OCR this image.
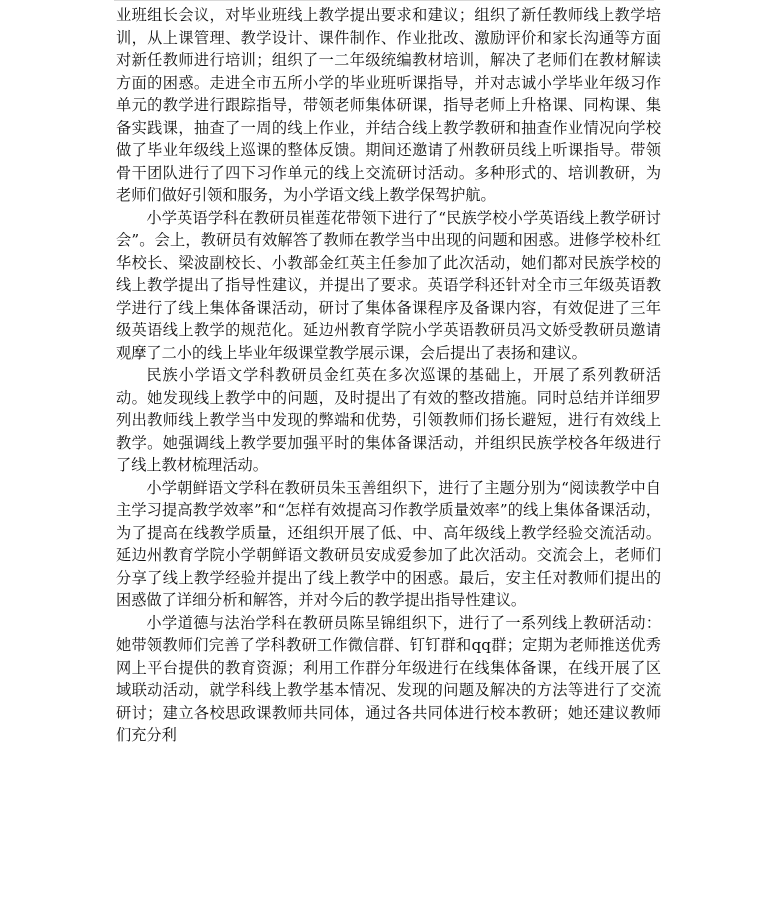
业班组长会议，对毕业班线上教学提出要求和建议；组织了新任教师线上教学培训，从上课管理、教学设计、课件制作、作业批改、激励评价和家长沟通等方面对新任教师进行培训；组织了一二年级统编教材培训，解决了老师们在教材解读方面的困惑。走进全市五所小学的毕业班听课指导，并对志诚小学毕业年级习作单元的教学进行跟踪指导，带领老师集体研课，指导老师上升格课、同构课、集备实践课，抽查了一周的线上作业，并结合线上教学教研和抽查作业情况向学校做了毕业年级线上巡课的整体反馈。期间还邀请了州教研员线上听课指导。带领骨干团队进行了四下习作单元的线上交流研讨活动。多种形式的、培训教研，为老师们做好引领和服务，为小学语文线上教学保驾护航。

小学英语学科在教研员崔莲花带领下进行了“民族学校小学英语线上教学研讨会”。会上，教研员有效解答了教师在教学当中出现的问题和困惑。进修学校朴红华校长、梁波副校长、小教部金红英主任参加了此次活动，她们都对民族学校的线上教学提出了指导性建议，并提出了要求。英语学科还针对全市三年级英语教学进行了线上集体备课活动，研讨了集体备课程序及备课内容，有效促进了三年级英语线上教学的规范化。延边州教育学院小学英语教研员冯文娇受教研员邀请观摩了二小的线上毕业年级课堂教学展示课，会后提出了表扬和建议。

民族小学语文学科教研员金红英在多次巡课的基础上，开展了系列教研活动。她发现线上教学中的问题，及时提出了有效的整改措施。同时总结并详细罗列出教师线上教学当中发现的弊端和优势，引领教师们扬长避短，进行有效线上教学。她强调线上教学要加强平时的集体备课活动，并组织民族学校各年级进行了线上教材梳理活动。

小学朝鲜语文学科在教研员朱玉善组织下，进行了主题分别为“阅读教学中自主学习提高教学效率”和“怎样有效提高习作教学质量效率”的线上集体备课活动，为了提高在线教学质量，还组织开展了低、中、高年级线上教学经验交流活动。延边州教育学院小学朝鲜语文教研员安成爱参加了此次活动。交流会上，老师们分享了线上教学经验并提出了线上教学中的困惑。最后，安主任对教师们提出的困惑做了详细分析和解答，并对今后的教学提出指导性建议。

小学道德与法治学科在教研员陈呈锦组织下，进行了一系列线上教研活动：她带领教师们完善了学科教研工作微信群、钉钉群和qq群；定期为老师推送优秀网上平台提供的教育资源；利用工作群分年级进行在线集体备课，在线开展了区域联动活动，就学科线上教学基本情况、发现的问题及解决的方法等进行了交流研讨；建立各校思政课教师共同体，通过各共同体进行校本教研；她还建议教师们充分利
